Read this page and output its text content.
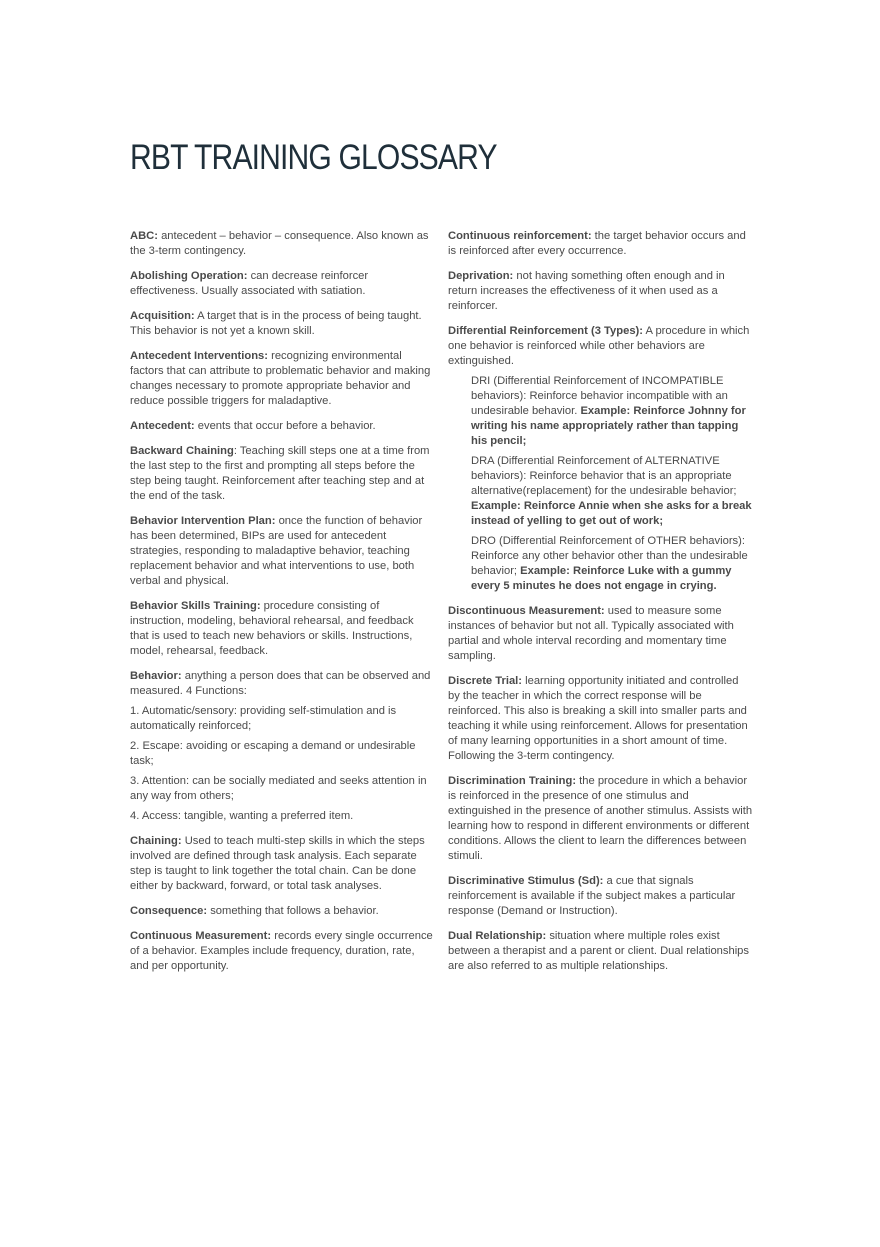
RBT TRAINING GLOSSARY

ABC: antecedent – behavior – consequence. Also known as the 3-term contingency.

Abolishing Operation: can decrease reinforcer effectiveness. Usually associated with satiation.

Acquisition: A target that is in the process of being taught. This behavior is not yet a known skill.

Antecedent Interventions: recognizing environmental factors that can attribute to problematic behavior and making changes necessary to promote appropriate behavior and reduce possible triggers for maladaptive.

Antecedent: events that occur before a behavior.

Backward Chaining: Teaching skill steps one at a time from the last step to the first and prompting all steps before the step being taught. Reinforcement after teaching step and at the end of the task.

Behavior Intervention Plan: once the function of behavior has been determined, BIPs are used for antecedent strategies, responding to maladaptive behavior, teaching replacement behavior and what interventions to use, both verbal and physical.

Behavior Skills Training: procedure consisting of instruction, modeling, behavioral rehearsal, and feedback that is used to teach new behaviors or skills. Instructions, model, rehearsal, feedback.

Behavior: anything a person does that can be observed and measured. 4 Functions:

1. Automatic/sensory: providing self-stimulation and is automatically reinforced;

2. Escape: avoiding or escaping a demand or undesirable task;

3. Attention: can be socially mediated and seeks attention in any way from others;

4. Access: tangible, wanting a preferred item.

Chaining: Used to teach multi-step skills in which the steps involved are defined through task analysis. Each separate step is taught to link together the total chain. Can be done either by backward, forward, or total task analyses.

Consequence: something that follows a behavior.

Continuous Measurement: records every single occurrence of a behavior. Examples include frequency, duration, rate, and per opportunity.

Continuous reinforcement: the target behavior occurs and is reinforced after every occurrence.

Deprivation: not having something often enough and in return increases the effectiveness of it when used as a reinforcer.

Differential Reinforcement (3 Types): A procedure in which one behavior is reinforced while other behaviors are extinguished.

DRI (Differential Reinforcement of INCOMPATIBLE behaviors): Reinforce behavior incompatible with an undesirable behavior. Example: Reinforce Johnny for writing his name appropriately rather than tapping his pencil;

DRA (Differential Reinforcement of ALTERNATIVE behaviors): Reinforce behavior that is an appropriate alternative(replacement) for the undesirable behavior; Example: Reinforce Annie when she asks for a break instead of yelling to get out of work;

DRO (Differential Reinforcement of OTHER behaviors): Reinforce any other behavior other than the undesirable behavior; Example: Reinforce Luke with a gummy every 5 minutes he does not engage in crying.

Discontinuous Measurement: used to measure some instances of behavior but not all. Typically associated with partial and whole interval recording and momentary time sampling.

Discrete Trial: learning opportunity initiated and controlled by the teacher in which the correct response will be reinforced. This also is breaking a skill into smaller parts and teaching it while using reinforcement. Allows for presentation of many learning opportunities in a short amount of time. Following the 3-term contingency.

Discrimination Training: the procedure in which a behavior is reinforced in the presence of one stimulus and extinguished in the presence of another stimulus. Assists with learning how to respond in different environments or different conditions. Allows the client to learn the differences between stimuli.

Discriminative Stimulus (Sd): a cue that signals reinforcement is available if the subject makes a particular response (Demand or Instruction).

Dual Relationship: situation where multiple roles exist between a therapist and a parent or client. Dual relationships are also referred to as multiple relationships.
